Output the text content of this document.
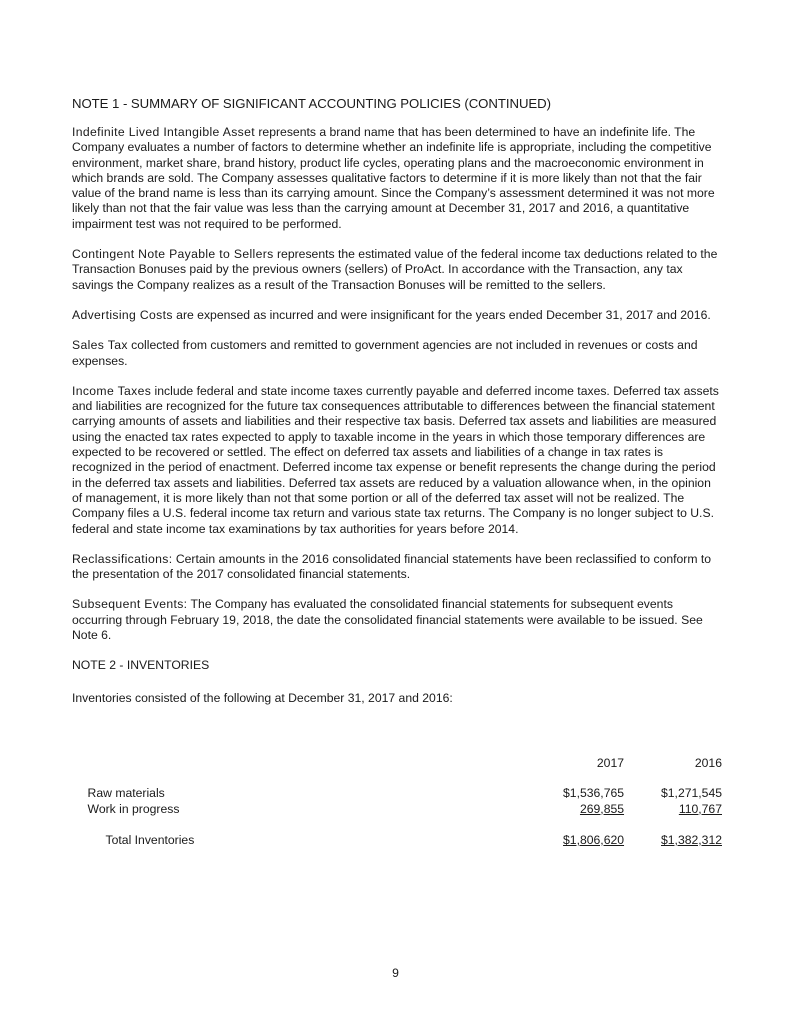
NOTE 1 - SUMMARY OF SIGNIFICANT ACCOUNTING POLICIES (CONTINUED)

Indefinite Lived Intangible Asset represents a brand name that has been determined to have an indefinite life. The Company evaluates a number of factors to determine whether an indefinite life is appropriate, including the competitive environment, market share, brand history, product life cycles, operating plans and the macroeconomic environment in which brands are sold. The Company assesses qualitative factors to determine if it is more likely than not that the fair value of the brand name is less than its carrying amount. Since the Company’s assessment determined it was not more likely than not that the fair value was less than the carrying amount at December 31, 2017 and 2016, a quantitative impairment test was not required to be performed.

Contingent Note Payable to Sellers represents the estimated value of the federal income tax deductions related to the Transaction Bonuses paid by the previous owners (sellers) of ProAct. In accordance with the Transaction, any tax savings the Company realizes as a result of the Transaction Bonuses will be remitted to the sellers.

Advertising Costs are expensed as incurred and were insignificant for the years ended December 31, 2017 and 2016.

Sales Tax collected from customers and remitted to government agencies are not included in revenues or costs and expenses.

Income Taxes include federal and state income taxes currently payable and deferred income taxes. Deferred tax assets and liabilities are recognized for the future tax consequences attributable to differences between the financial statement carrying amounts of assets and liabilities and their respective tax basis. Deferred tax assets and liabilities are measured using the enacted tax rates expected to apply to taxable income in the years in which those temporary differences are expected to be recovered or settled. The effect on deferred tax assets and liabilities of a change in tax rates is recognized in the period of enactment. Deferred income tax expense or benefit represents the change during the period in the deferred tax assets and liabilities. Deferred tax assets are reduced by a valuation allowance when, in the opinion of management, it is more likely than not that some portion or all of the deferred tax asset will not be realized. The Company files a U.S. federal income tax return and various state tax returns. The Company is no longer subject to U.S. federal and state income tax examinations by tax authorities for years before 2014.

Reclassifications: Certain amounts in the 2016 consolidated financial statements have been reclassified to conform to the presentation of the 2017 consolidated financial statements.

Subsequent Events: The Company has evaluated the consolidated financial statements for subsequent events occurring through February 19, 2018, the date the consolidated financial statements were available to be issued. See Note 6.

NOTE 2 - INVENTORIES
Inventories consisted of the following at December 31, 2017 and 2016:
		2017	2016

	Raw materials	$1,536,765	$1,271,545
	Work in progress	269,855	110,767

	Total Inventories	$1,806,620	$1,382,312
9
